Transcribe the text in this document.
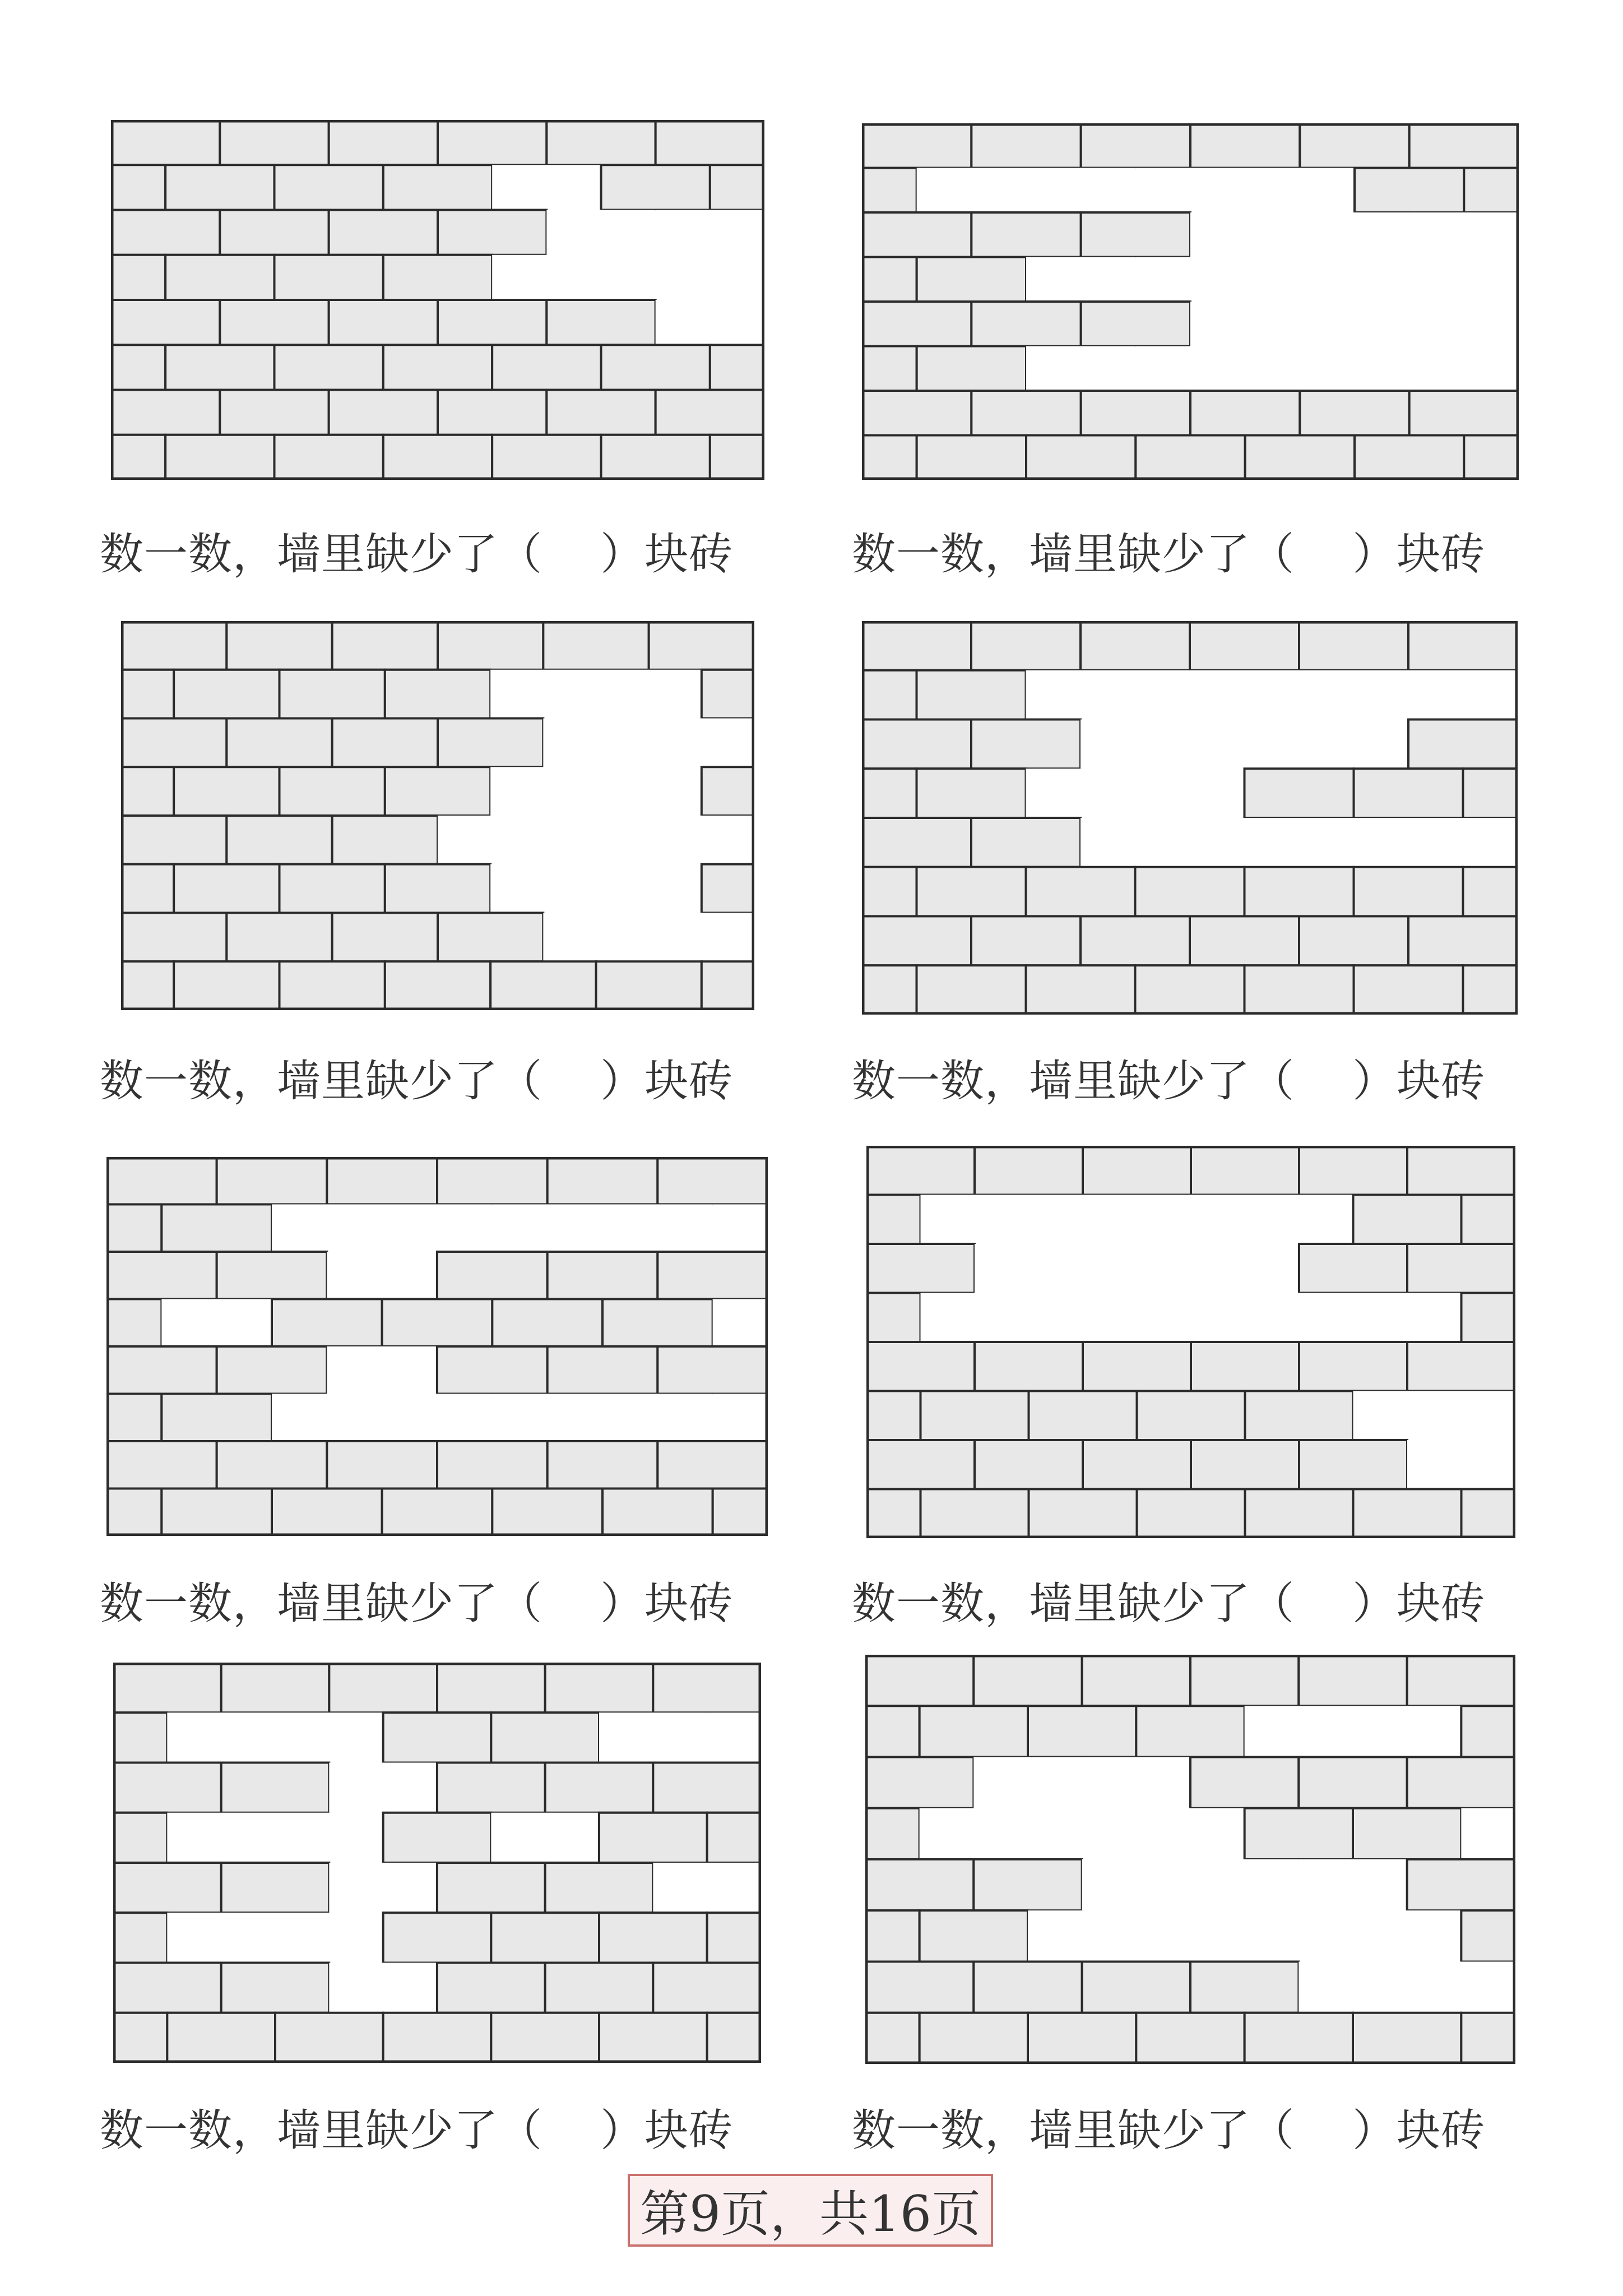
数一数，墙里缺少了（    ）块砖	数一数，墙里缺少了（    ）块砖

数一数，墙里缺少了（    ）块砖	数一数，墙里缺少了（    ）块砖

数一数，墙里缺少了（    ）块砖	数一数，墙里缺少了（    ）块砖

数一数，墙里缺少了（    ）块砖	数一数，墙里缺少了（    ）块砖

第9页，共16页
